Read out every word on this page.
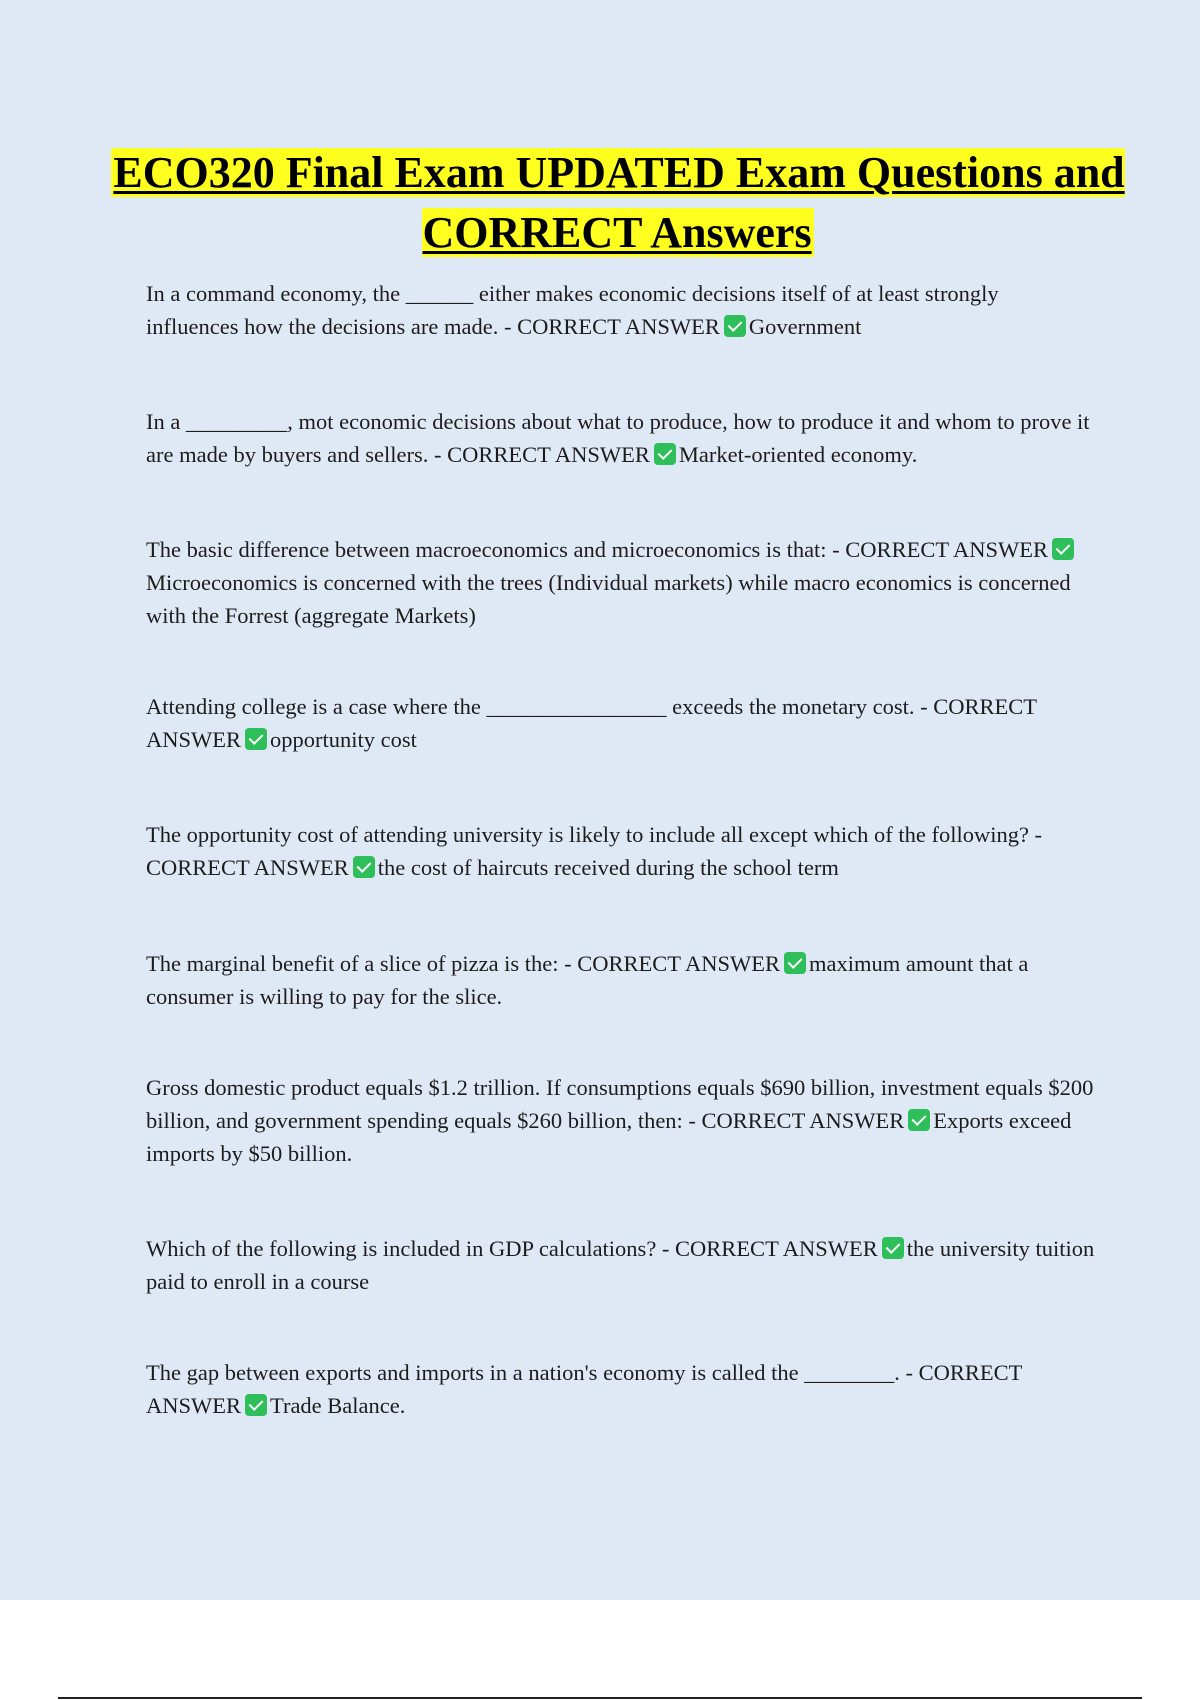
ECO320 Final Exam UPDATED Exam Questions and CORRECT Answers

In a command economy, the ______ either makes economic decisions itself of at least strongly influences how the decisions are made. - CORRECT ANSWER Government

In a _________, mot economic decisions about what to produce, how to produce it and whom to prove it are made by buyers and sellers. - CORRECT ANSWER Market-oriented economy.

The basic difference between macroeconomics and microeconomics is that: - CORRECT ANSWERMicroeconomics is concerned with the trees (Individual markets) while macro economics is concerned with the Forrest (aggregate Markets)

Attending college is a case where the ________________ exceeds the monetary cost. - CORRECT ANSWER opportunity cost

The opportunity cost of attending university is likely to include all except which of the following? - CORRECT ANSWER the cost of haircuts received during the school term

The marginal benefit of a slice of pizza is the: - CORRECT ANSWER maximum amount that a consumer is willing to pay for the slice.

Gross domestic product equals $1.2 trillion. If consumptions equals $690 billion, investment equals $200 billion, and government spending equals $260 billion, then: - CORRECT ANSWER Exports exceed imports by $50 billion.

Which of the following is included in GDP calculations? - CORRECT ANSWER the university tuition paid to enroll in a course

The gap between exports and imports in a nation's economy is called the ________. - CORRECT ANSWER Trade Balance.
